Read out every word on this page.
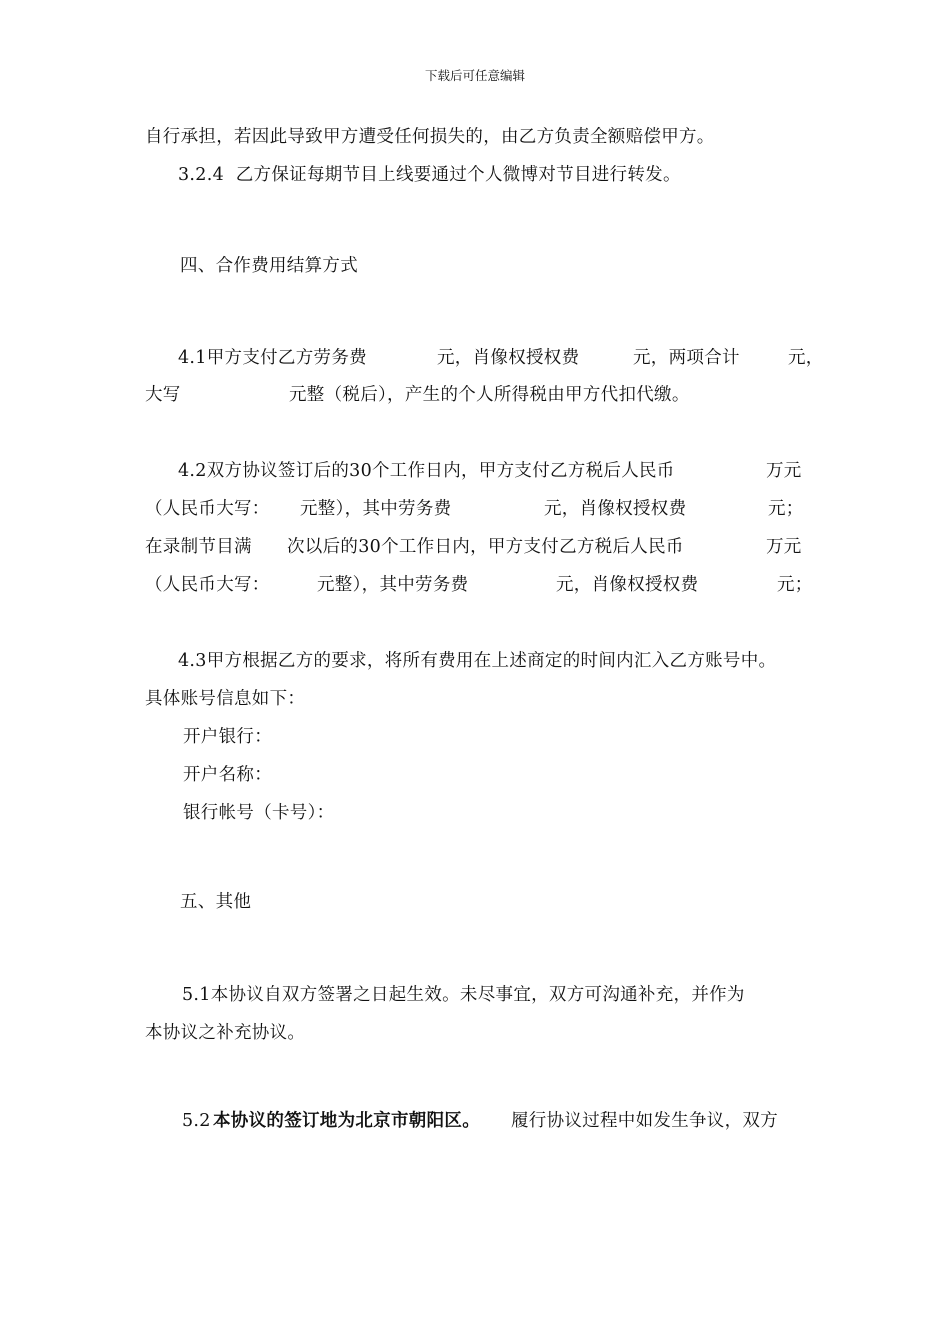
下载后可任意编辑
自行承担，若因此导致甲方遭受任何损失的，由乙方负责全额赔偿甲方。
3.2.4  乙方保证每期节目上线要通过个人微博对节目进行转发。
四、合作费用结算方式
4.1甲方支付乙方劳务费	元，肖像权授权费	元，两项合计	元，
大写	元整（税后），产生的个人所得税由甲方代扣代缴。
4.2双方协议签订后的30个工作日内，甲方支付乙方税后人民币	万元
（人民币大写： 元整），其中劳务费	元，肖像权授权费	元；
在录制节目满 次以后的30个工作日内，甲方支付乙方税后人民币	万元
（人民币大写：	元整），其中劳务费	元，肖像权授权费	元；
4.3甲方根据乙方的要求，将所有费用在上述商定的时间内汇入乙方账号中。
具体账号信息如下：
开户银行：
开户名称：
银行帐号（卡号）：
五、其他
5.1本协议自双方签署之日起生效。未尽事宜，双方可沟通补充，并作为
本协议之补充协议。
5.2 本协议的签订地为北京市朝阳区。 履行协议过程中如发生争议，双方
